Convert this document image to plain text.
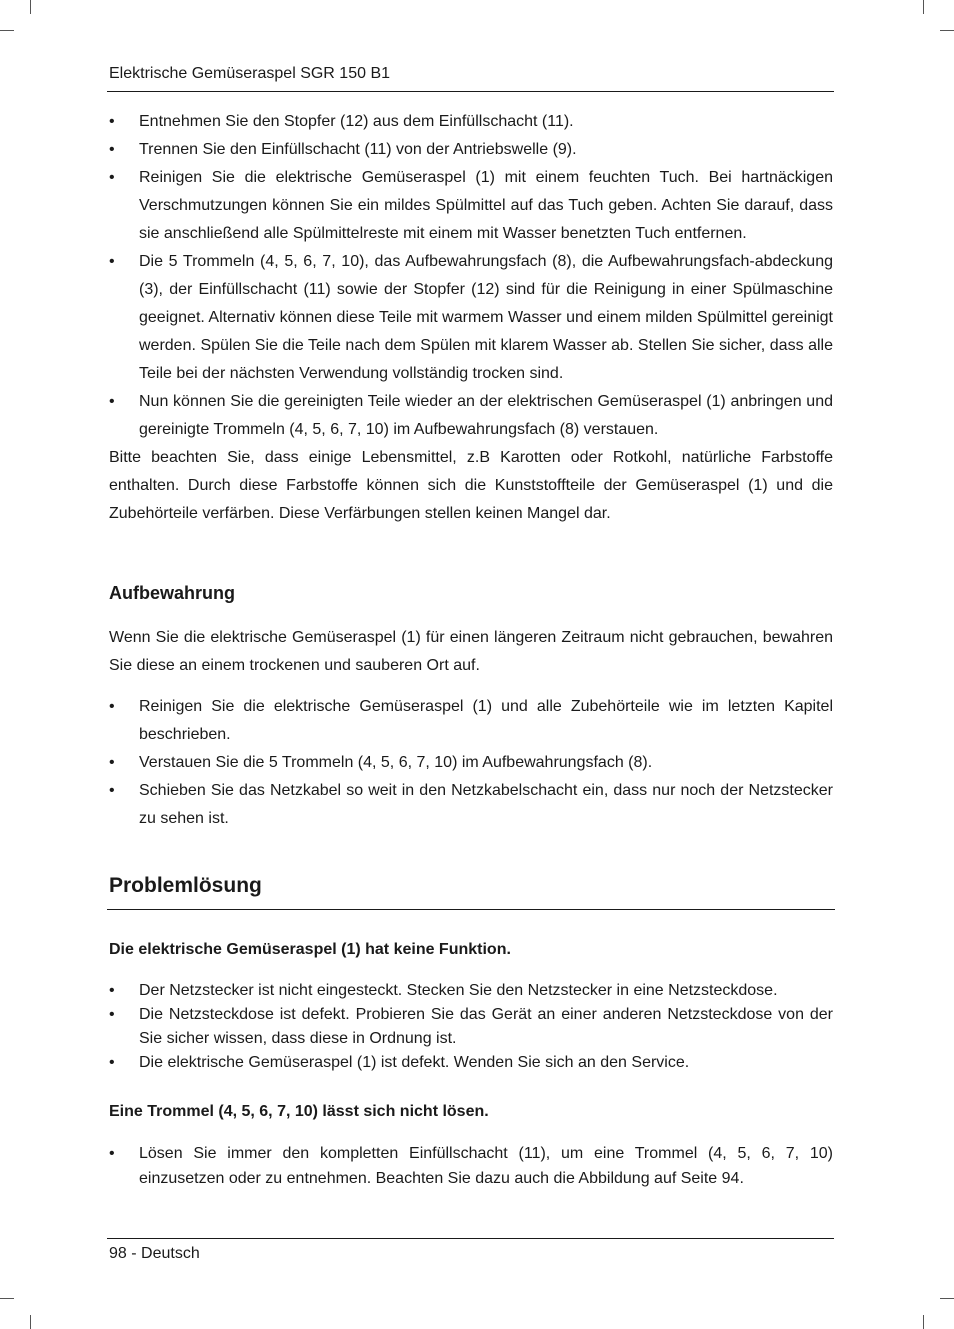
Elektrische Gemüseraspel SGR 150 B1
•	Entnehmen Sie den Stopfer (12) aus dem Einfüllschacht (11).
•	Trennen Sie den Einfüllschacht (11) von der Antriebswelle (9).
•	Reinigen Sie die elektrische Gemüseraspel (1) mit einem feuchten Tuch. Bei hartnäckigen Verschmutzungen können Sie ein mildes Spülmittel auf das Tuch geben. Achten Sie darauf, dass sie anschließend alle Spülmittelreste mit einem mit Wasser benetzten Tuch entfernen.
•	Die 5 Trommeln (4, 5, 6, 7, 10), das Aufbewahrungsfach (8), die Aufbewahrungsfach-abdeckung (3), der Einfüllschacht (11) sowie der Stopfer (12) sind für die Reinigung in einer Spülmaschine geeignet. Alternativ können diese Teile mit warmem Wasser und einem milden Spülmittel gereinigt werden. Spülen Sie die Teile nach dem Spülen mit klarem Wasser ab. Stellen Sie sicher, dass alle Teile bei der nächsten Verwendung vollständig trocken sind.
•	Nun können Sie die gereinigten Teile wieder an der elektrischen Gemüseraspel (1) anbringen und gereinigte Trommeln (4, 5, 6, 7, 10) im Aufbewahrungsfach (8) verstauen.

Bitte beachten Sie, dass einige Lebensmittel, z.B Karotten oder Rotkohl, natürliche Farbstoffe enthalten. Durch diese Farbstoffe können sich die Kunststoffteile der Gemüseraspel (1) und die Zubehörteile verfärben. Diese Verfärbungen stellen keinen Mangel dar.

Aufbewahrung

Wenn Sie die elektrische Gemüseraspel (1) für einen längeren Zeitraum nicht gebrauchen, bewahren Sie diese an einem trockenen und sauberen Ort auf.

•	Reinigen Sie die elektrische Gemüseraspel (1) und alle Zubehörteile wie im letzten Kapitel beschrieben.
•	Verstauen Sie die 5 Trommeln (4, 5, 6, 7, 10) im Aufbewahrungsfach (8).
•	Schieben Sie das Netzkabel so weit in den Netzkabelschacht ein, dass nur noch der Netzstecker zu sehen ist.
Problemlösung
Die elektrische Gemüseraspel (1) hat keine Funktion.
•	Der Netzstecker ist nicht eingesteckt. Stecken Sie den Netzstecker in eine Netzsteckdose.
•	Die Netzsteckdose ist defekt. Probieren Sie das Gerät an einer anderen Netzsteckdose von der Sie sicher wissen, dass diese in Ordnung ist.
•	Die elektrische Gemüseraspel (1) ist defekt. Wenden Sie sich an den Service.
Eine Trommel (4, 5, 6, 7, 10) lässt sich nicht lösen.
•	Lösen Sie immer den kompletten Einfüllschacht (11), um eine Trommel (4, 5, 6, 7, 10) einzusetzen oder zu entnehmen. Beachten Sie dazu auch die Abbildung auf Seite 94.
98 - Deutsch
